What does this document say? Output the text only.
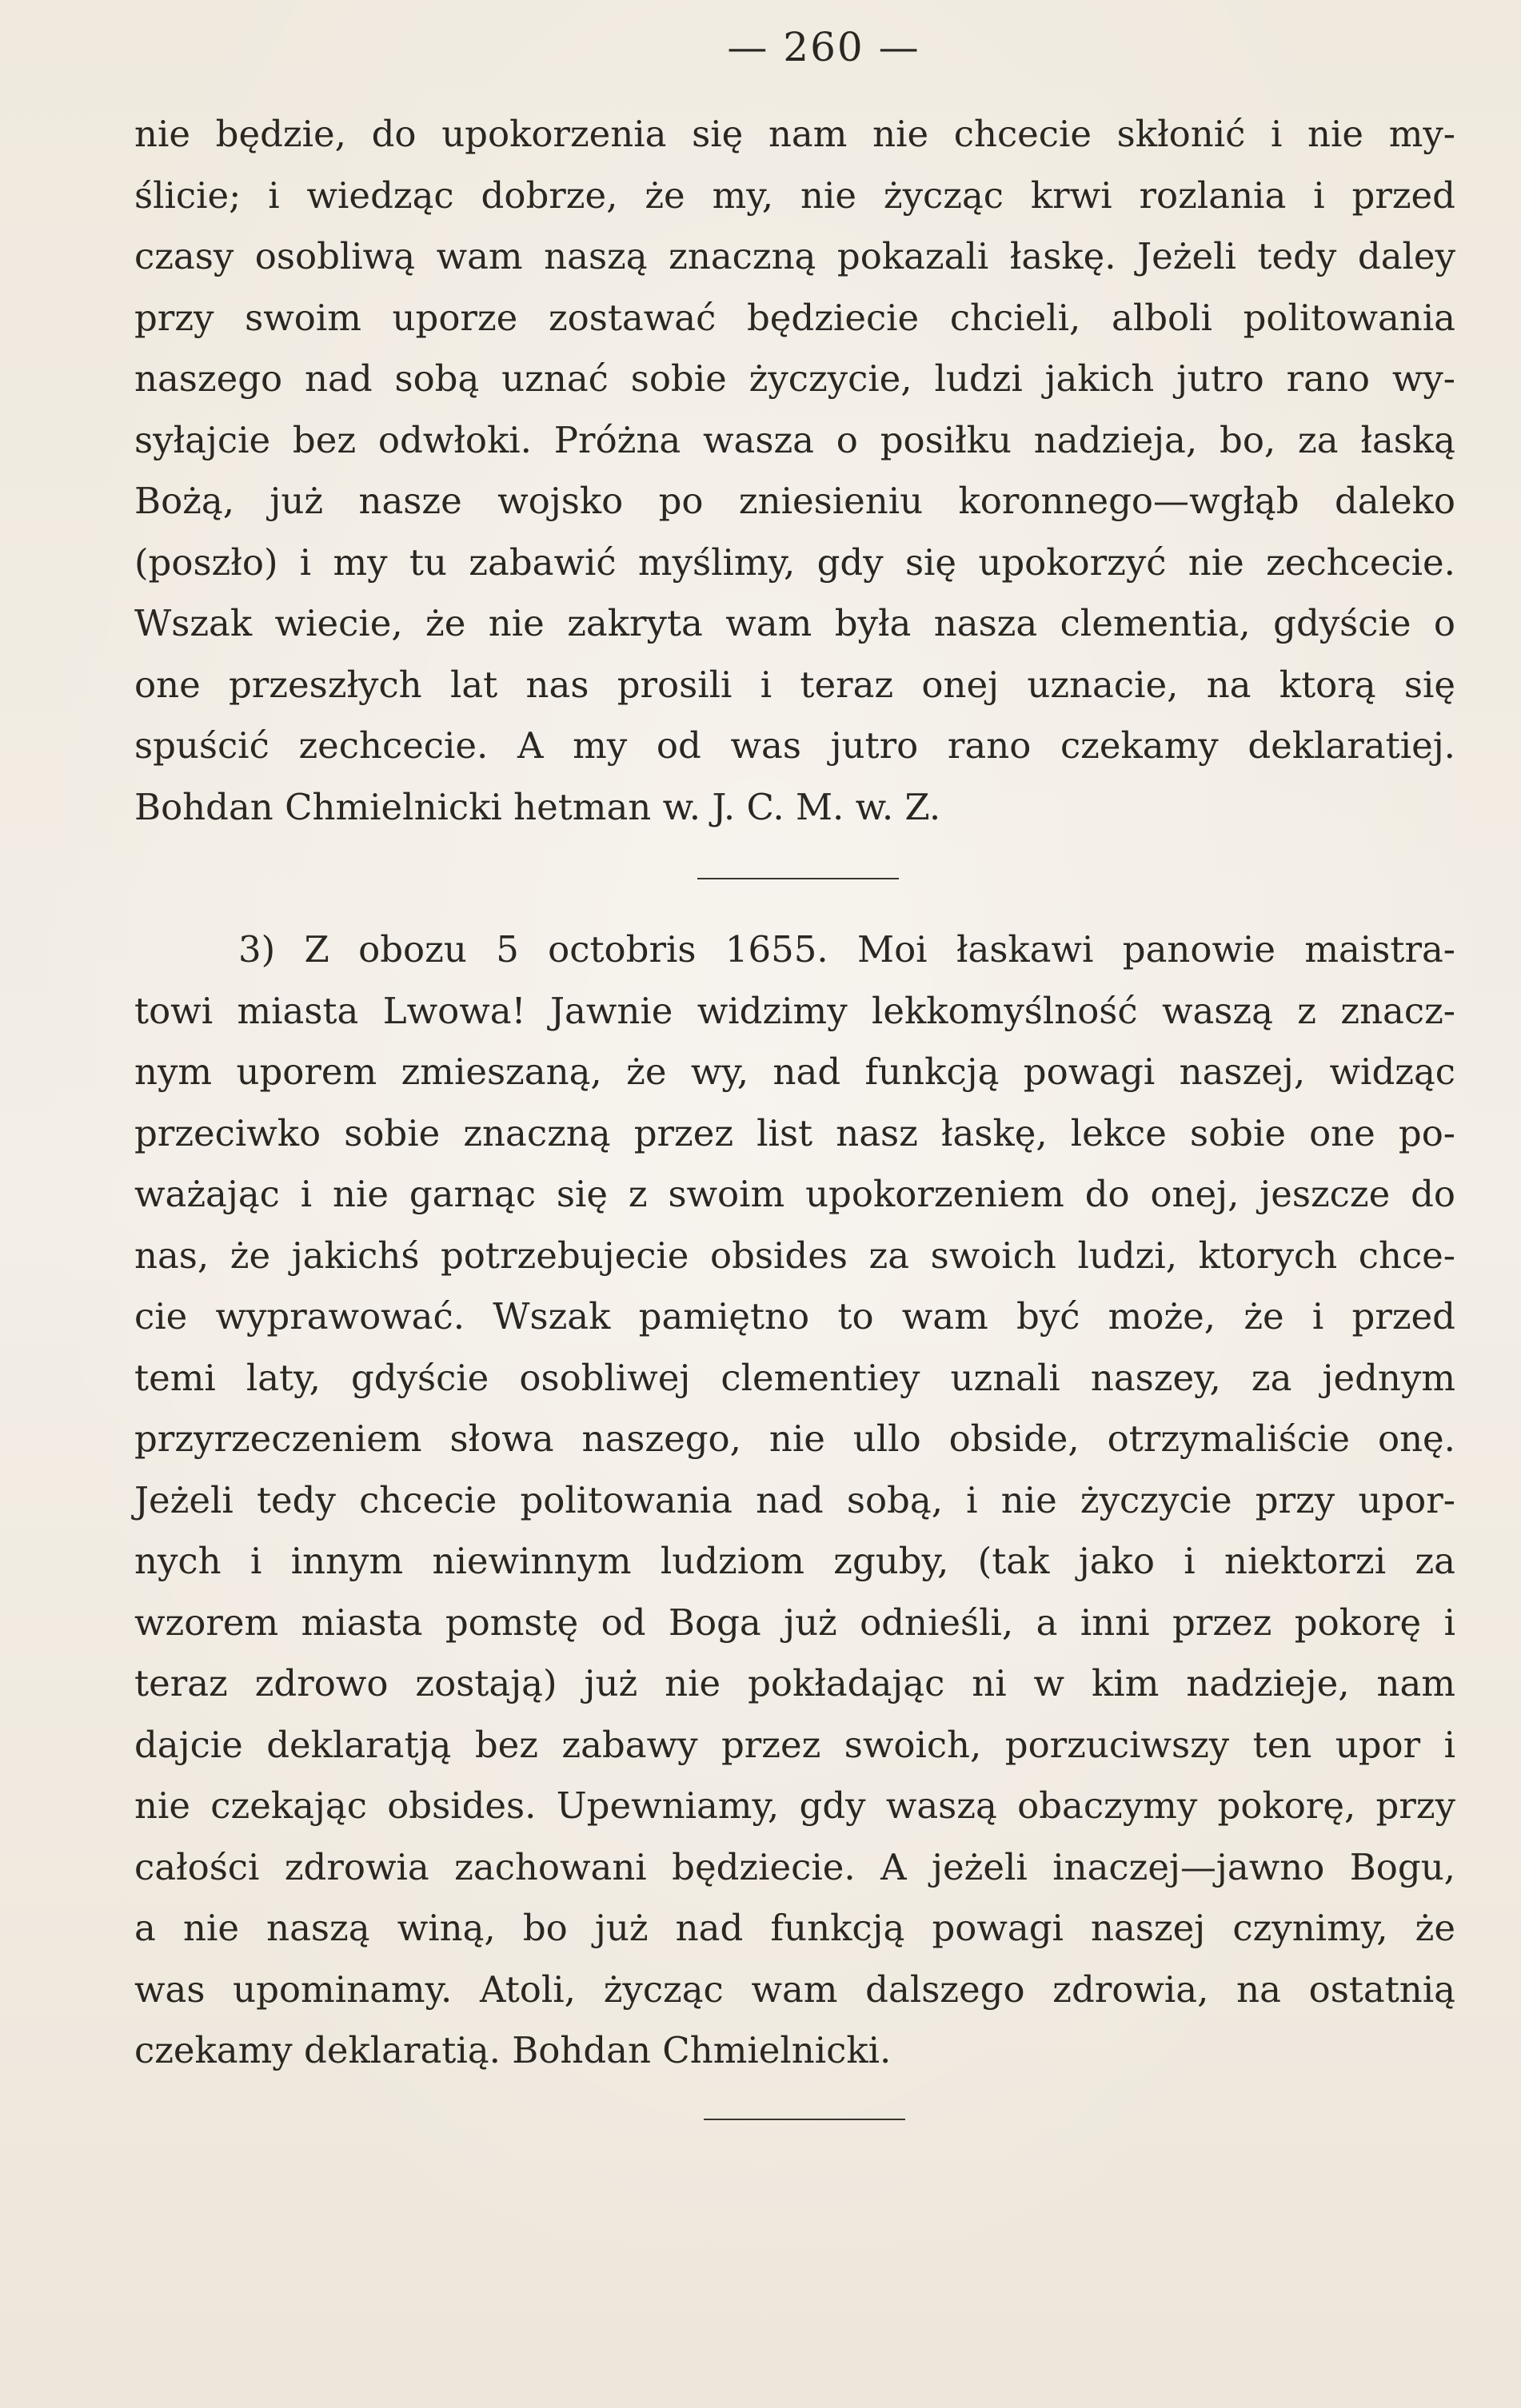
— 260 —
nie będzie, do upokorzenia się nam nie chcecie skłonić i nie my-
ślicie; i wiedząc dobrze, że my, nie życząc krwi rozlania i przed
czasy osobliwą wam naszą znaczną pokazali łaskę. Jeżeli tedy daley
przy swoim uporze zostawać będziecie chcieli, alboli politowania
naszego nad sobą uznać sobie życzycie, ludzi jakich jutro rano wy-
syłajcie bez odwłoki. Próżna wasza o posiłku nadzieja, bo, za łaską
Bożą, już nasze wojsko po zniesieniu koronnego—wgłąb daleko
(poszło) i my tu zabawić myślimy, gdy się upokorzyć nie zechcecie.
Wszak wiecie, że nie zakryta wam była nasza clementia, gdyście o
one przeszłych lat nas prosili i teraz onej uznacie, na ktorą się
spuścić zechcecie. A my od was jutro rano czekamy deklaratiej.
Bohdan Chmielnicki hetman w. J. C. M. w. Z.
3) Z obozu 5 octobris 1655. Moi łaskawi panowie maistra-
towi miasta Lwowa! Jawnie widzimy lekkomyślność waszą z znacz-
nym uporem zmieszaną, że wy, nad funkcją powagi naszej, widząc
przeciwko sobie znaczną przez list nasz łaskę, lekce sobie one po-
ważając i nie garnąc się z swoim upokorzeniem do onej, jeszcze do
nas, że jakichś potrzebujecie obsides za swoich ludzi, ktorych chce-
cie wyprawować. Wszak pamiętno to wam być może, że i przed
temi laty, gdyście osobliwej clementiey uznali naszey, za jednym
przyrzeczeniem słowa naszego, nie ullo obside, otrzymaliście onę.
Jeżeli tedy chcecie politowania nad sobą, i nie życzycie przy upor-
nych i innym niewinnym ludziom zguby, (tak jako i niektorzi za
wzorem miasta pomstę od Boga już odnieśli, a inni przez pokorę i
teraz zdrowo zostają) już nie pokładając ni w kim nadzieje, nam
dajcie deklaratją bez zabawy przez swoich, porzuciwszy ten upor i
nie czekając obsides. Upewniamy, gdy waszą obaczymy pokorę, przy
całości zdrowia zachowani będziecie. A jeżeli inaczej—jawno Bogu,
a nie naszą winą, bo już nad funkcją powagi naszej czynimy, że
was upominamy. Atoli, życząc wam dalszego zdrowia, na ostatnią
czekamy deklaratią. Bohdan Chmielnicki.
